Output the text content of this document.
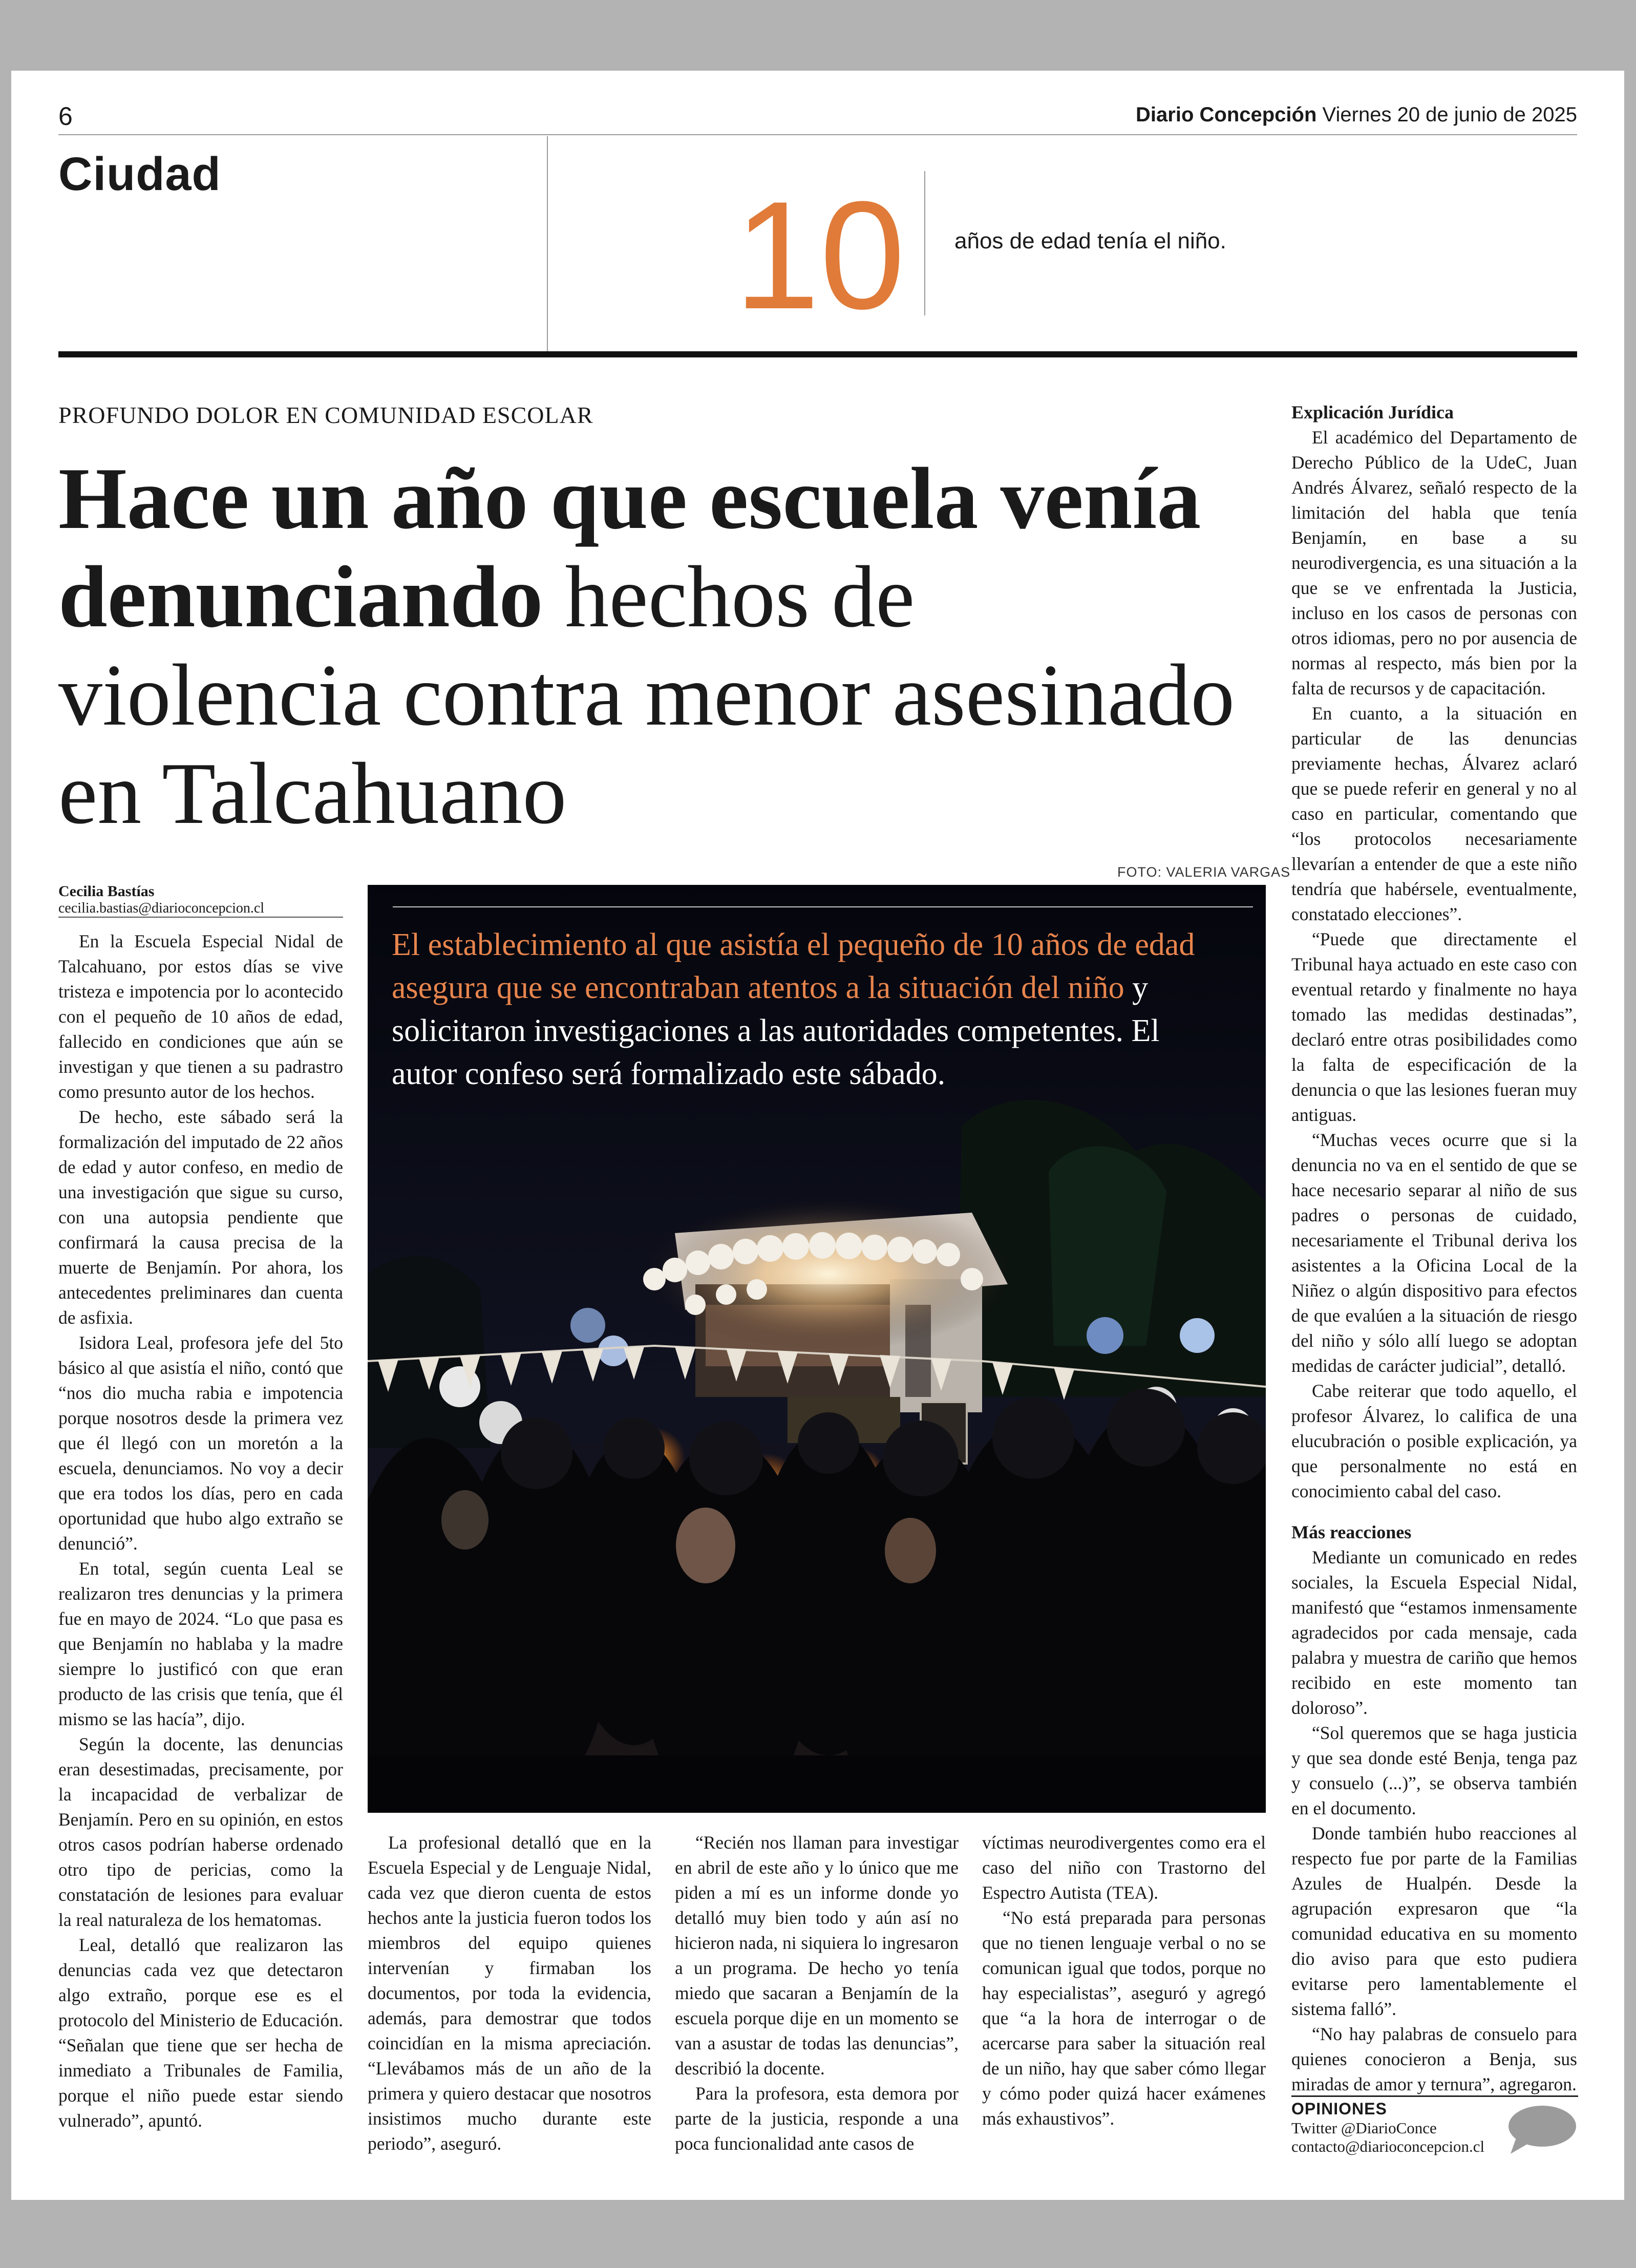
6	Diario Concepción Viernes 20 de junio de 2025
Ciudad	10 años de edad tenía el niño.
PROFUNDO DOLOR EN COMUNIDAD ESCOLAR
Hace un año que escuela venía denunciando hechos de violencia contra menor asesinado en Talcahuano
Cecilia Bastías
cecilia.bastias@diarioconcepcion.cl

En la Escuela Especial Nidal de Talcahuano, por estos días se vive tristeza e impotencia por lo acontecido con el pequeño de 10 años de edad, fallecido en condiciones que aún se investigan y que tienen a su padrastro como presunto autor de los hechos.

De hecho, este sábado será la formalización del imputado de 22 años de edad y autor confeso, en medio de una investigación que sigue su curso, con una autopsia pendiente que confirmará la causa precisa de la muerte de Benjamín. Por ahora, los antecedentes preliminares dan cuenta de asfixia.

Isidora Leal, profesora jefe del 5to básico al que asistía el niño, contó que “nos dio mucha rabia e impotencia porque nosotros desde la primera vez que él llegó con un moretón a la escuela, denunciamos. No voy a decir que era todos los días, pero en cada oportunidad que hubo algo extraño se denunció”.

En total, según cuenta Leal se realizaron tres denuncias y la primera fue en mayo de 2024. “Lo que pasa es que Benjamín no hablaba y la madre siempre lo justificó con que eran producto de las crisis que tenía, que él mismo se las hacía”, dijo.

Según la docente, las denuncias eran desestimadas, precisamente, por la incapacidad de verbalizar de Benjamín. Pero en su opinión, en estos otros casos podrían haberse ordenado otro tipo de pericias, como la constatación de lesiones para evaluar la real naturaleza de los hematomas.

Leal, detalló que realizaron las denuncias cada vez que detectaron algo extraño, porque ese es el protocolo del Ministerio de Educación. “Señalan que tiene que ser hecha de inmediato a Tribunales de Familia, porque el niño puede estar siendo vulnerado”, apuntó.

FOTO: VALERIA VARGAS
El establecimiento al que asistía el pequeño de 10 años de edad asegura que se encontraban atentos a la situación del niño y solicitaron investigaciones a las autoridades competentes. El autor confeso será formalizado este sábado.

La profesional detalló que en la Escuela Especial y de Lenguaje Nidal, cada vez que dieron cuenta de estos hechos ante la justicia fueron todos los miembros del equipo quienes intervenían y firmaban los documentos, por toda la evidencia, además, para demostrar que todos coincidían en la misma apreciación. “Llevábamos más de un año de la primera y quiero destacar que nosotros insistimos mucho durante este periodo”, aseguró.

“Recién nos llaman para investigar en abril de este año y lo único que me piden a mí es un informe donde yo detalló muy bien todo y aún así no hicieron nada, ni siquiera lo ingresaron a un programa. De hecho yo tenía miedo que sacaran a Benjamín de la escuela porque dije en un momento se van a asustar de todas las denuncias”, describió la docente.

Para la profesora, esta demora por parte de la justicia, responde a una poca funcionalidad ante casos de

víctimas neurodivergentes como era el caso del niño con Trastorno del Espectro Autista (TEA).

“No está preparada para personas que no tienen lenguaje verbal o no se comunican igual que todos, porque no hay especialistas”, aseguró y agregó que “a la hora de interrogar o de acercarse para saber la situación real de un niño, hay que saber cómo llegar y cómo poder quizá hacer exámenes más exhaustivos”.

Explicación Jurídica

El académico del Departamento de Derecho Público de la UdeC, Juan Andrés Álvarez, señaló respecto de la limitación del habla que tenía Benjamín, en base a su neurodivergencia, es una situación a la que se ve enfrentada la Justicia, incluso en los casos de personas con otros idiomas, pero no por ausencia de normas al respecto, más bien por la falta de recursos y de capacitación.

En cuanto, a la situación en particular de las denuncias previamente hechas, Álvarez aclaró que se puede referir en general y no al caso en particular, comentando que “los protocolos necesariamente llevarían a entender de que a este niño tendría que habérsele, eventualmente, constatado elecciones”.

“Puede que directamente el Tribunal haya actuado en este caso con eventual retardo y finalmente no haya tomado las medidas destinadas”, declaró entre otras posibilidades como la falta de especificación de la denuncia o que las lesiones fueran muy antiguas.

“Muchas veces ocurre que si la denuncia no va en el sentido de que se hace necesario separar al niño de sus padres o personas de cuidado, necesariamente el Tribunal deriva los asistentes a la Oficina Local de la Niñez o algún dispositivo para efectos de que evalúen a la situación de riesgo del niño y sólo allí luego se adoptan medidas de carácter judicial”, detalló.

Cabe reiterar que todo aquello, el profesor Álvarez, lo califica de una elucubración o posible explicación, ya que personalmente no está en conocimiento cabal del caso.

Más reacciones

Mediante un comunicado en redes sociales, la Escuela Especial Nidal, manifestó que “estamos inmensamente agradecidos por cada mensaje, cada palabra y muestra de cariño que hemos recibido en este momento tan doloroso”.

“Sol queremos que se haga justicia y que sea donde esté Benja, tenga paz y consuelo (...)”, se observa también en el documento.

Donde también hubo reacciones al respecto fue por parte de la Familias Azules de Hualpén. Desde la agrupación expresaron que “la comunidad educativa en su momento dio aviso para que esto pudiera evitarse pero lamentablemente el sistema falló”.

“No hay palabras de consuelo para quienes conocieron a Benja, sus miradas de amor y ternura”, agregaron.

OPINIONES
Twitter @DiarioConce
contacto@diarioconcepcion.cl
